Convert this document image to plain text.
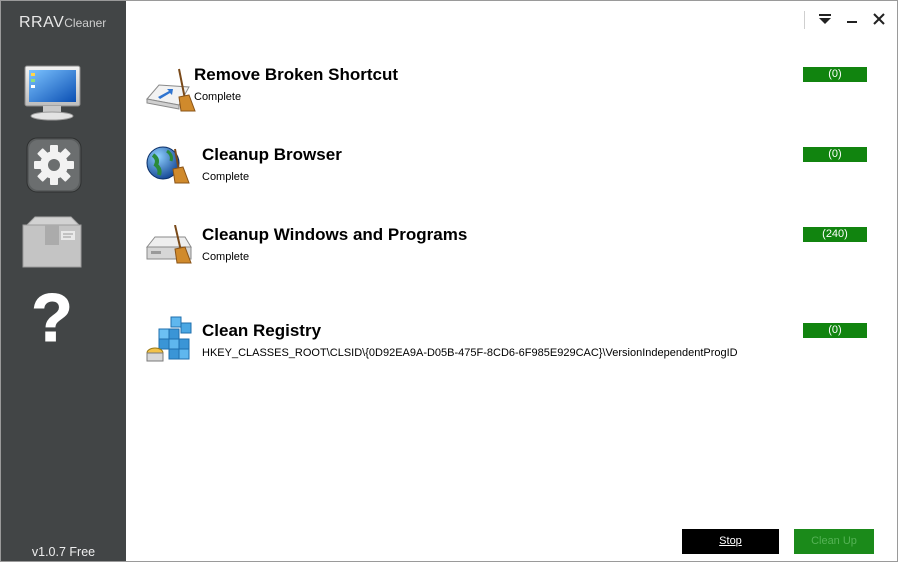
RRAVCleaner
?
v1.0.7 Free
Remove Broken Shortcut
Complete
(0)
Cleanup Browser
Complete
(0)
Cleanup Windows and Programs
Complete
(240)
Clean Registry
HKEY_CLASSES_ROOT\CLSID\{0D92EA9A-D05B-475F-8CD6-6F985E929CAC}\VersionIndependentProgID
(0)
Stop	Clean Up
